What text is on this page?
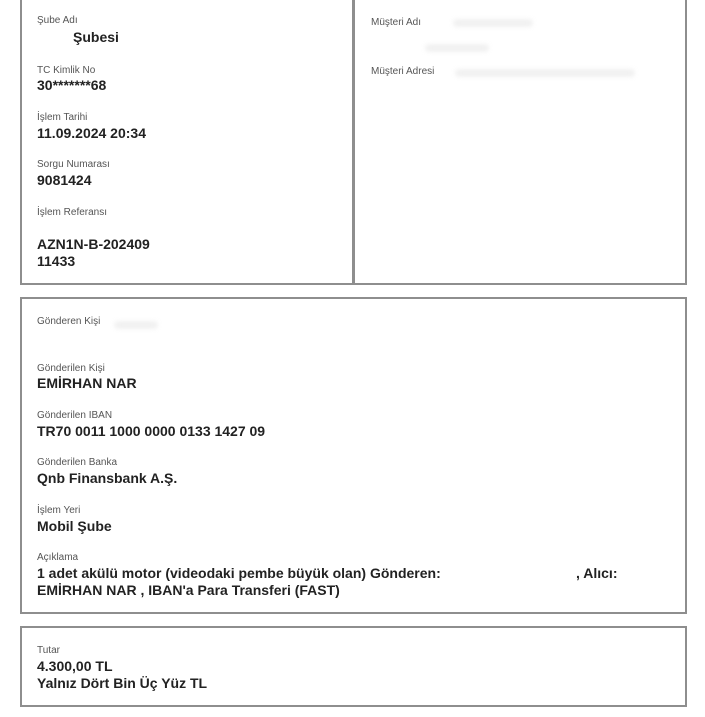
Şube Adı
Şubesi
TC Kimlik No
30*******68
İşlem Tarihi
11.09.2024 20:34
Sorgu Numarası
9081424
İşlem Referansı
AZN1N-B-202409
11433
Müşteri Adı
Müşteri Adresi
Gönderen Kişi
Gönderilen Kişi
EMİRHAN NAR
Gönderilen IBAN
TR70 0011 1000 0000 0133 1427 09
Gönderilen Banka
Qnb Finansbank A.Ş.
İşlem Yeri
Mobil Şube
Açıklama
1 adet akülü motor (videodaki pembe büyük olan) Gönderen:	, Alıcı:
EMİRHAN NAR , IBAN'a Para Transferi (FAST)
Tutar
4.300,00 TL
Yalnız Dört Bin Üç Yüz TL
